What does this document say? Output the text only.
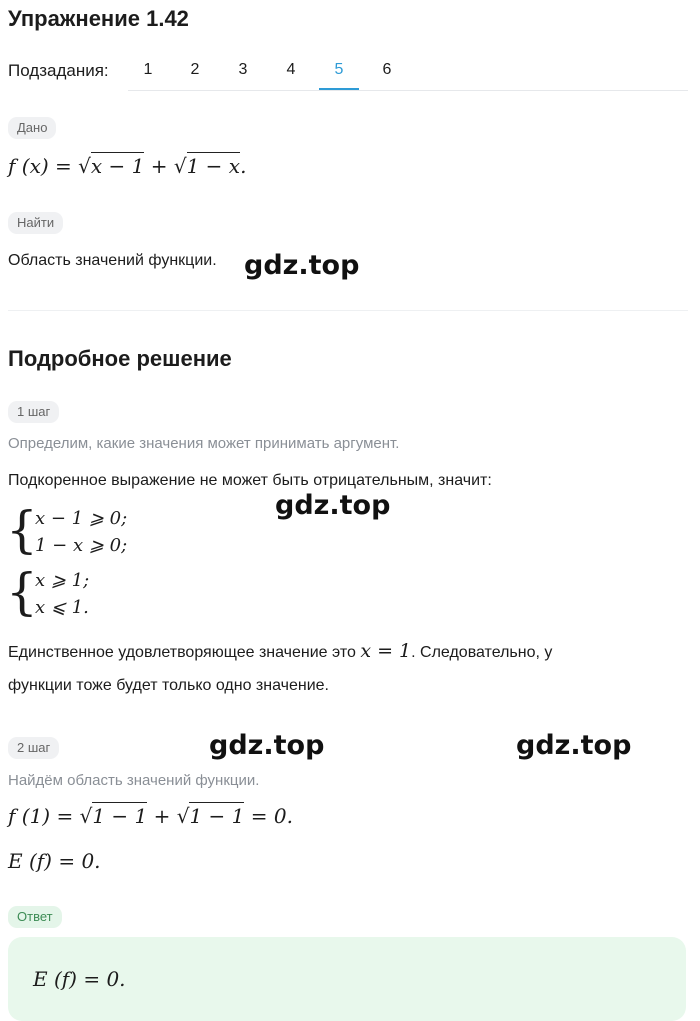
Упражнение 1.42
Подзадания:	1	2	3	4	5	6
Дано
f (x) = √x − 1 + √1 − x.
Найти
Область значений функции.
Подробное решение
1 шаг
Определим, какие значения может принимать аргумент.
Подкоренное выражение не может быть отрицательным, значит:
{
x − 1 ⩾ 0;
1 − x ⩾ 0;
{
x ⩾ 1;
x ⩽ 1.
Единственное удовлетворяющее значение это x = 1. Следовательно, у
функции тоже будет только одно значение.
2 шаг
Найдём область значений функции.
f (1) = √1 − 1 + √1 − 1 = 0.
E (f) = 0.
Ответ
E (f) = 0.
gdz.top
gdz.top
gdz.top	gdz.top
